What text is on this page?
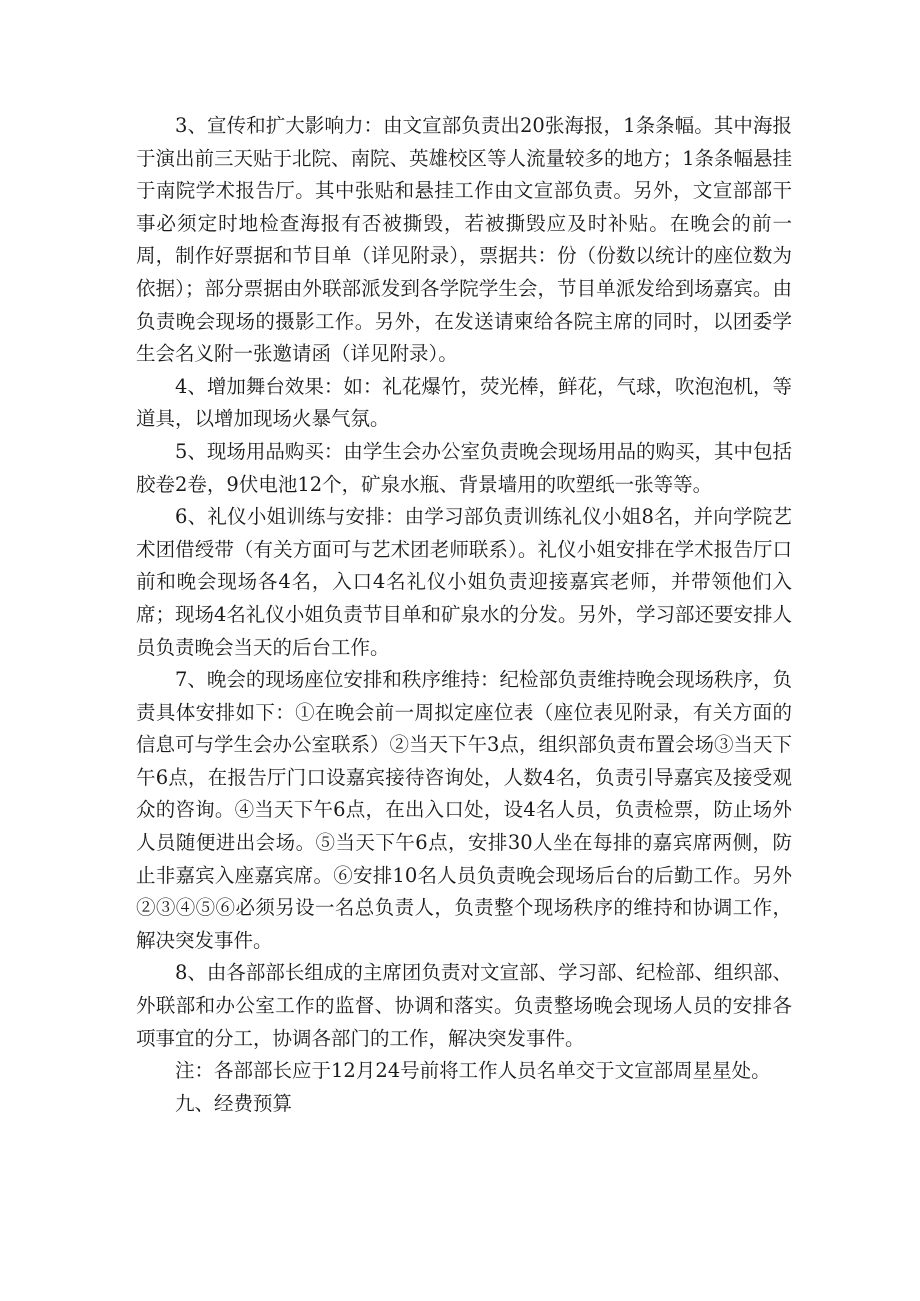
3、宣传和扩大影响力：由文宣部负责出20张海报，1条条幅。其中海报于演出前三天贴于北院、南院、英雄校区等人流量较多的地方；1条条幅悬挂于南院学术报告厅。其中张贴和悬挂工作由文宣部负责。另外，文宣部部干事必须定时地检查海报有否被撕毁，若被撕毁应及时补贴。在晚会的前一周，制作好票据和节目单（详见附录），票据共：份（份数以统计的座位数为依据）；部分票据由外联部派发到各学院学生会，节目单派发给到场嘉宾。由负责晚会现场的摄影工作。另外，在发送请柬给各院主席的同时，以团委学生会名义附一张邀请函（详见附录）。

4、增加舞台效果：如：礼花爆竹，荧光棒，鲜花，气球，吹泡泡机，等道具，以增加现场火暴气氛。

5、现场用品购买：由学生会办公室负责晚会现场用品的购买，其中包括胶卷2卷，9伏电池12个，矿泉水瓶、背景墙用的吹塑纸一张等等。

6、礼仪小姐训练与安排：由学习部负责训练礼仪小姐8名，并向学院艺术团借绶带（有关方面可与艺术团老师联系）。礼仪小姐安排在学术报告厅口前和晚会现场各4名，入口4名礼仪小姐负责迎接嘉宾老师，并带领他们入席；现场4名礼仪小姐负责节目单和矿泉水的分发。另外，学习部还要安排人员负责晚会当天的后台工作。

7、晚会的现场座位安排和秩序维持：纪检部负责维持晚会现场秩序，负责具体安排如下：①在晚会前一周拟定座位表（座位表见附录，有关方面的信息可与学生会办公室联系）②当天下午3点，组织部负责布置会场③当天下午6点，在报告厅门口设嘉宾接待咨询处，人数4名，负责引导嘉宾及接受观众的咨询。④当天下午6点，在出入口处，设4名人员，负责检票，防止场外人员随便进出会场。⑤当天下午6点，安排30人坐在每排的嘉宾席两侧，防止非嘉宾入座嘉宾席。⑥安排10名人员负责晚会现场后台的后勤工作。另外②③④⑤⑥必须另设一名总负责人，负责整个现场秩序的维持和协调工作，解决突发事件。

8、由各部部长组成的主席团负责对文宣部、学习部、纪检部、组织部、外联部和办公室工作的监督、协调和落实。负责整场晚会现场人员的安排各项事宜的分工，协调各部门的工作，解决突发事件。

注：各部部长应于12月24号前将工作人员名单交于文宣部周星星处。

九、经费预算
